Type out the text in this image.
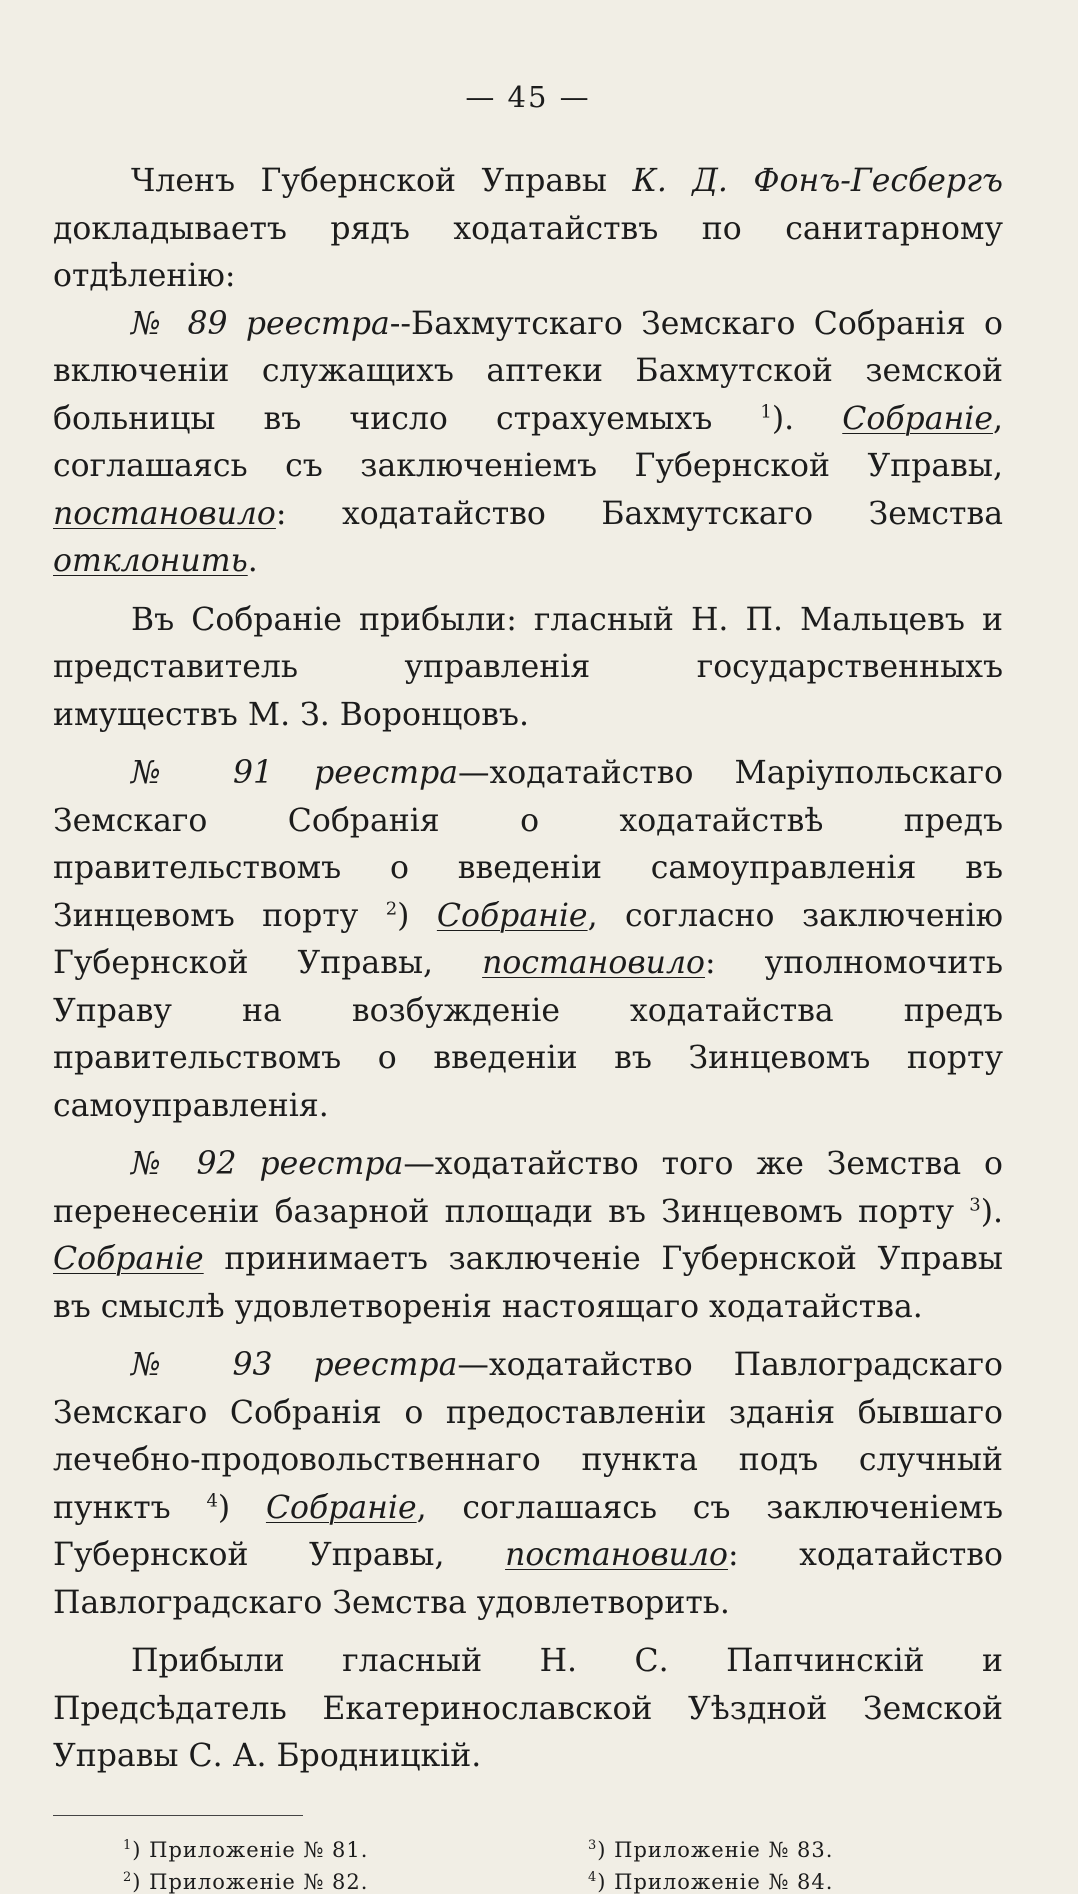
— 45 —

Членъ Губернской Управы К. Д. Фонъ-Гесбергъ докладываетъ рядъ ходатайствъ по санитарному отдѣленію:

№ 89 реестра--Бахмутскаго Земскаго Собранія о включеніи служащихъ аптеки Бахмутской земской больницы въ число страхуемыхъ $^1$). Собраніе, соглашаясь съ заключеніемъ Губернской Управы, постановило: ходатайство Бахмутскаго Земства отклонить.

Въ Собраніе прибыли: гласный Н. П. Мальцевъ и представитель управленія государственныхъ имуществъ М. З. Воронцовъ.

№ 91 реестра—ходатайство Маріупольскаго Земскаго Собранія о ходатайствѣ предъ правительствомъ о введеніи самоуправленія въ Зинцевомъ порту $^2$) Собраніе, согласно заключенію Губернской Управы, постановило: уполномочить Управу на возбужденіе ходатайства предъ правительствомъ о введеніи въ Зинцевомъ порту самоуправленія.

№ 92 реестра—ходатайство того же Земства о перенесеніи базарной площади въ Зинцевомъ порту $^3$). Собраніе принимаетъ заключеніе Губернской Управы въ смыслѣ удовлетворенія настоящаго ходатайства.

№ 93 реестра—ходатайство Павлоградскаго Земскаго Собранія о предоставленіи зданія бывшаго лечебно-продовольственнаго пункта подъ случный пунктъ $^4$) Собраніе, соглашаясь съ заключеніемъ Губернской Управы, постановило: ходатайство Павлоградскаго Земства удовлетворить.

Прибыли гласный Н. С. Папчинскій и Предсѣдатель Екатеринославской Уѣздной Земской Управы С. А. Бродницкій.

$^1$) Приложеніе № 81.	$^3$) Приложеніе № 83.
$^2$) Приложеніе № 82.	$^4$) Приложеніе № 84.
